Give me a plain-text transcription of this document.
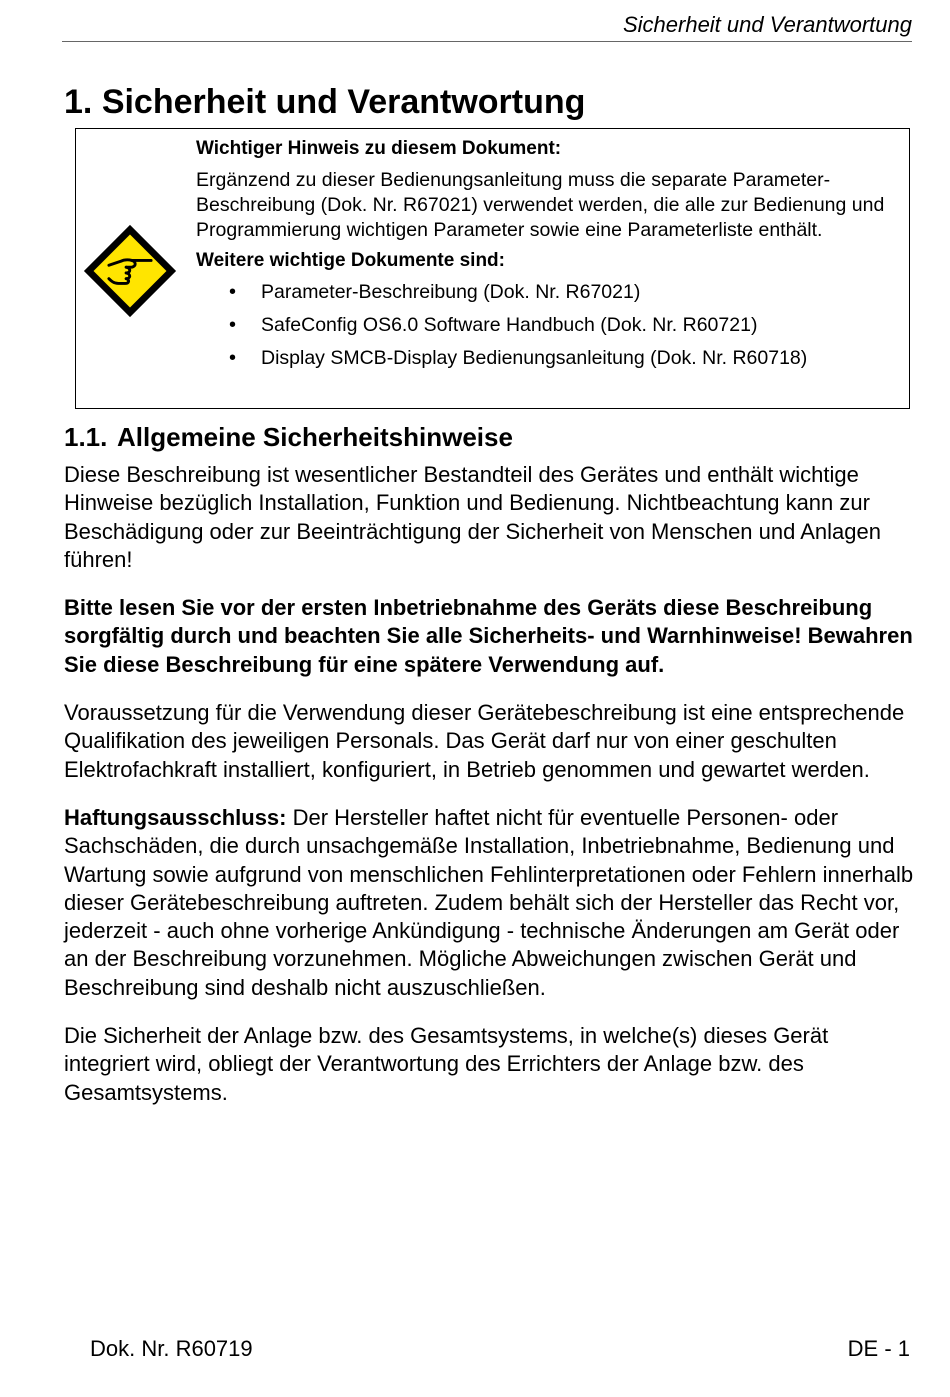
Sicherheit und Verantwortung
1. Sicherheit und Verantwortung

Wichtiger Hinweis zu diesem Dokument:

Ergänzend zu dieser Bedienungsanleitung muss die separate Parameter-Beschreibung (Dok. Nr. R67021) verwendet werden, die alle zur Bedienung und Programmierung wichtigen Parameter sowie eine Parameterliste enthält.

Weitere wichtige Dokumente sind:

• Parameter-Beschreibung (Dok. Nr. R67021)
• SafeConfig OS6.0 Software Handbuch (Dok. Nr. R60721)
• Display SMCB-Display Bedienungsanleitung (Dok. Nr. R60718)
1.1. Allgemeine Sicherheitshinweise

Diese Beschreibung ist wesentlicher Bestandteil des Gerätes und enthält wichtige Hinweise bezüglich Installation, Funktion und Bedienung. Nichtbeachtung kann zur Beschädigung oder zur Beeinträchtigung der Sicherheit von Menschen und Anlagen führen!

Bitte lesen Sie vor der ersten Inbetriebnahme des Geräts diese Beschreibung sorgfältig durch und beachten Sie alle Sicherheits- und Warnhinweise! Bewahren Sie diese Beschreibung für eine spätere Verwendung auf.

Voraussetzung für die Verwendung dieser Gerätebeschreibung ist eine entsprechende Qualifikation des jeweiligen Personals. Das Gerät darf nur von einer geschulten Elektrofachkraft installiert, konfiguriert, in Betrieb genommen und gewartet werden.

Haftungsausschluss: Der Hersteller haftet nicht für eventuelle Personen- oder Sachschäden, die durch unsachgemäße Installation, Inbetriebnahme, Bedienung und Wartung sowie aufgrund von menschlichen Fehlinterpretationen oder Fehlern innerhalb dieser Gerätebeschreibung auftreten. Zudem behält sich der Hersteller das Recht vor, jederzeit - auch ohne vorherige Ankündigung - technische Änderungen am Gerät oder an der Beschreibung vorzunehmen. Mögliche Abweichungen zwischen Gerät und Beschreibung sind deshalb nicht auszuschließen.

Die Sicherheit der Anlage bzw. des Gesamtsystems, in welche(s) dieses Gerät integriert wird, obliegt der Verantwortung des Errichters der Anlage bzw. des Gesamtsystems.

Dok. Nr. R60719	DE - 1
